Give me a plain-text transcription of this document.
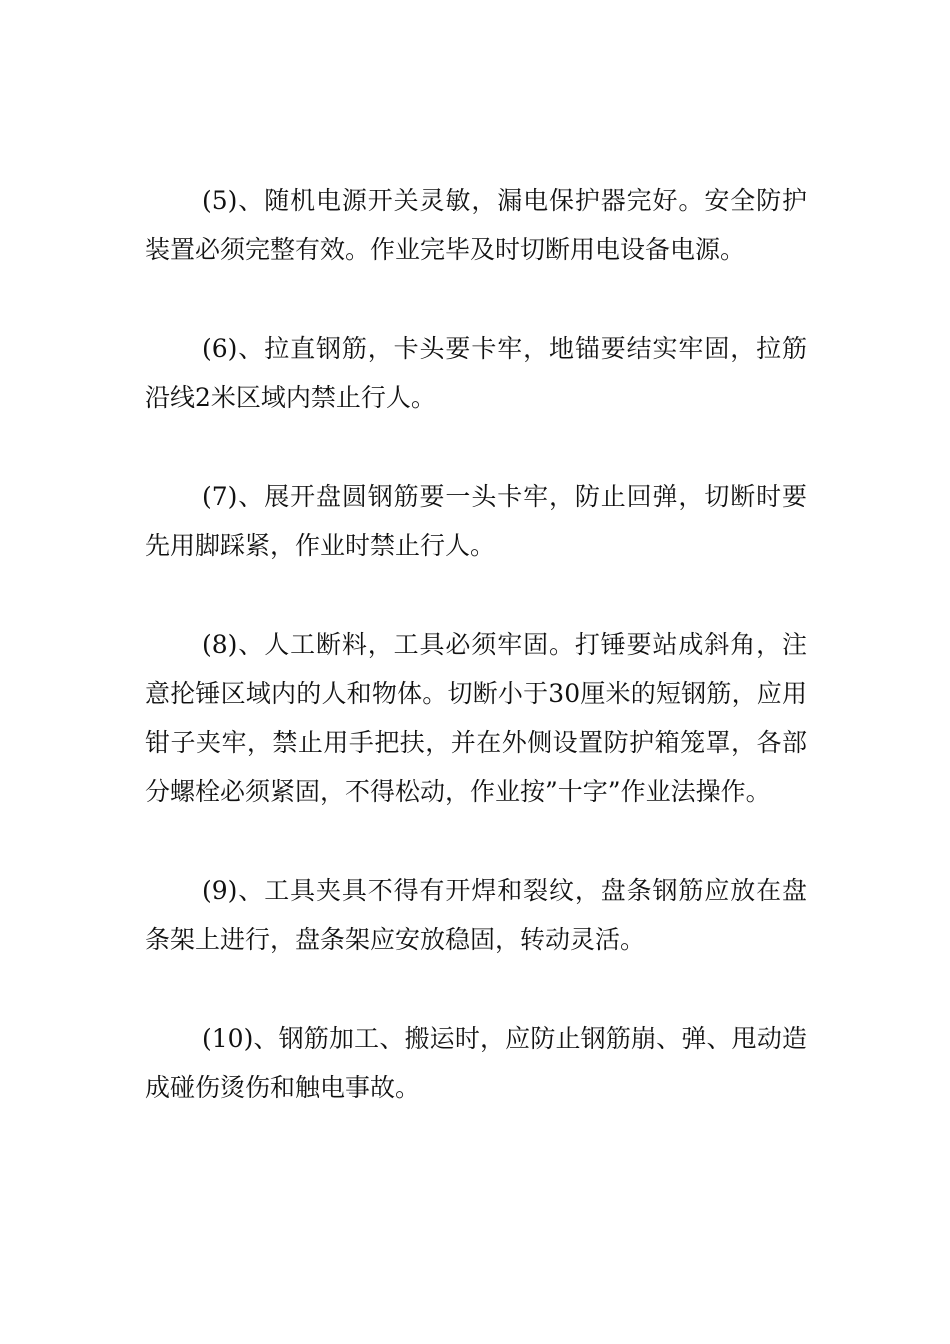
(5)、随机电源开关灵敏，漏电保护器完好。安全防护装置必须完整有效。作业完毕及时切断用电设备电源。

(6)、拉直钢筋，卡头要卡牢，地锚要结实牢固，拉筋沿线2米区域内禁止行人。

(7)、展开盘圆钢筋要一头卡牢，防止回弹，切断时要先用脚踩紧，作业时禁止行人。

(8)、人工断料，工具必须牢固。打锤要站成斜角，注意抡锤区域内的人和物体。切断小于30厘米的短钢筋，应用钳子夹牢，禁止用手把扶，并在外侧设置防护箱笼罩，各部分螺栓必须紧固，不得松动，作业按”十字”作业法操作。

(9)、工具夹具不得有开焊和裂纹，盘条钢筋应放在盘条架上进行，盘条架应安放稳固，转动灵活。

(10)、钢筋加工、搬运时，应防止钢筋崩、弹、甩动造成碰伤烫伤和触电事故。
